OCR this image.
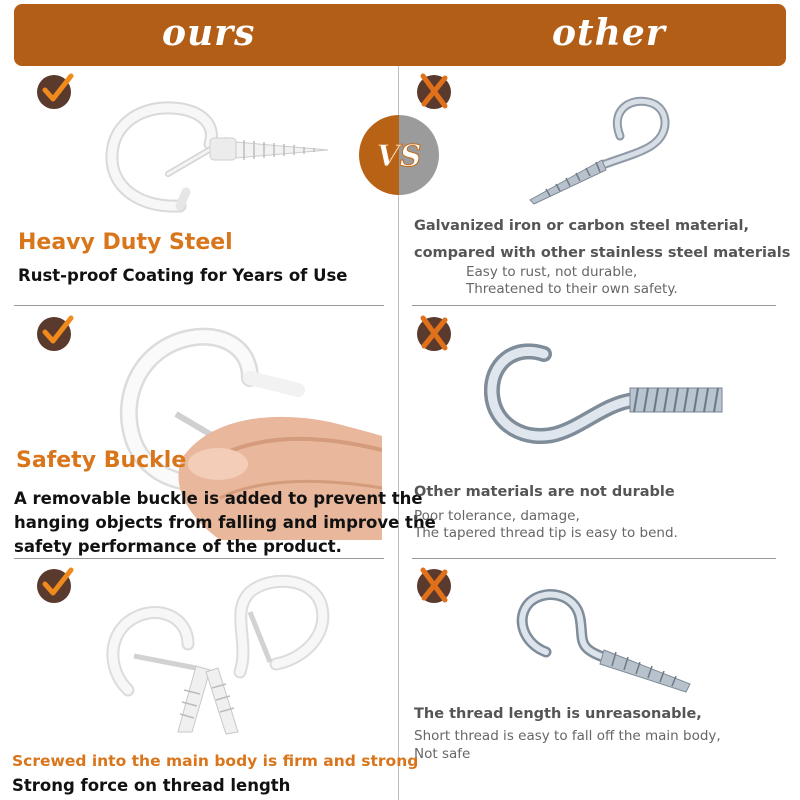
ours	other
VS
Heavy Duty Steel
Rust-proof Coating for Years of Use
Safety Buckle
A removable buckle is added to prevent the
hanging objects from falling and improve the
safety performance of the product.
Screwed into the main body is firm and strong
Strong force on thread length
Galvanized iron or carbon steel material,
compared with other stainless steel materials
Easy to rust, not durable,
Threatened to their own safety.
Other materials are not durable
Poor tolerance, damage,
The tapered thread tip is easy to bend.
The thread length is unreasonable,
Short thread is easy to fall off the main body,
Not safe
